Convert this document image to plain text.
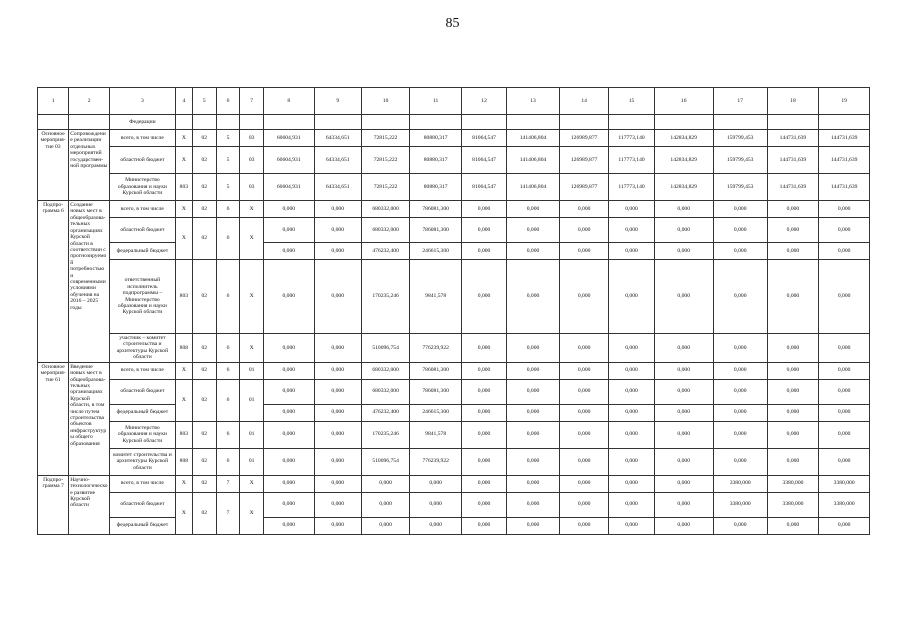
85
1	2	3	4	5	6	7	8	9	10	11	12	13	14	15	16	17	18	19
		Федерации																
Основное мероприя-тие 03	Сопровождение реализации отдельных мероприятий государствен-ной программы	всего, в том числе	X	02	5	03	60604,931	64334,651	72815,222	80880,317	81064,547	141406,804	126989,877	117773,140	142834,829	159799,453	144731,639	144731,639
		областной бюджет	X	02	5	03	60604,931	64334,651	72815,222	80880,317	81064,547	141406,804	126989,877	117773,140	142834,829	159799,453	144731,639	144731,639
		Министерство образования и науки Курской области	803	02	5	03	60604,931	64334,651	72815,222	80880,317	81064,547	141406,804	126989,877	117773,140	142834,829	159799,453	144731,639	144731,639
Подпро-грамма 6	Создание новых мест в общеобразова-тельных организациях Курской области в соответствии с прогнозируемой потребностью и современными условиями обучения на 2016 – 2025 годы	всего, в том числе	X	02	6	X	0,000	0,000	680332,000	786081,300	0,000	0,000	0,000	0,000	0,000	0,000	0,000	0,000
		областной бюджет	X	02	6	X	0,000	0,000	680332,000	786081,300	0,000	0,000	0,000	0,000	0,000	0,000	0,000	0,000
		федеральный бюджет					0,000	0,000	476232,400	246615,300	0,000	0,000	0,000	0,000	0,000	0,000	0,000	0,000
		ответственный исполнитель подпрограммы – Министерство образования и науки Курской области	803	02	6	X	0,000	0,000	170235,246	9841,578	0,000	0,000	0,000	0,000	0,000	0,000	0,000	0,000
		участник – комитет строительства и архитектуры Курской области	808	02	6	X	0,000	0,000	510096,754	776239,922	0,000	0,000	0,000	0,000	0,000	0,000	0,000	0,000
Основное мероприя-тие 61	Введение новых мест в общеобразова-тельных организациях Курской области, в том числе путем строительства объектов инфраструктуры общего образования	всего, в том числе	X	02	6	01	0,000	0,000	680332,000	786081,300	0,000	0,000	0,000	0,000	0,000	0,000	0,000	0,000
		областной бюджет	X	02	6	01	0,000	0,000	680332,000	786081,300	0,000	0,000	0,000	0,000	0,000	0,000	0,000	0,000
		федеральный бюджет					0,000	0,000	476232,400	246615,300	0,000	0,000	0,000	0,000	0,000	0,000	0,000	0,000
		Министерство образования и науки Курской области	803	02	6	01	0,000	0,000	170235,246	9841,578	0,000	0,000	0,000	0,000	0,000	0,000	0,000	0,000
		комитет строительства и архитектуры Курской области	808	02	6	01	0,000	0,000	510096,754	776239,922	0,000	0,000	0,000	0,000	0,000	0,000	0,000	0,000
Подпро-грамма 7	Научно-технологическое развитие Курской области	всего, в том числе	X	02	7	X	0,000	0,000	0,000	0,000	0,000	0,000	0,000	0,000	0,000	3380,000	3380,000	3380,000
		областной бюджет	X	02	7	X	0,000	0,000	0,000	0,000	0,000	0,000	0,000	0,000	0,000	3380,000	3380,000	3380,000
		федеральный бюджет					0,000	0,000	0,000	0,000	0,000	0,000	0,000	0,000	0,000	0,000	0,000	0,000
